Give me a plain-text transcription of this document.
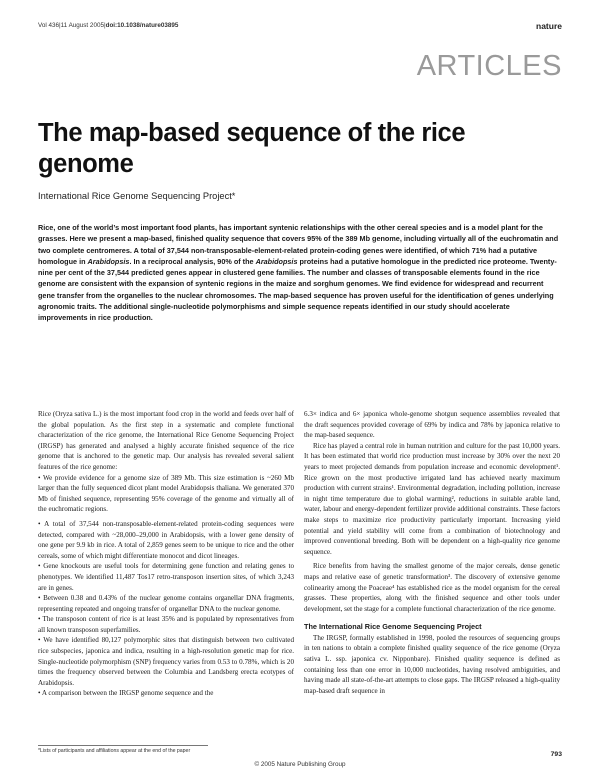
Vol 436|11 August 2005|doi:10.1038/nature03895	nature
ARTICLES
The map-based sequence of the rice genome
International Rice Genome Sequencing Project*

Rice, one of the world’s most important food plants, has important syntenic relationships with the other cereal species and is a model plant for the grasses. Here we present a map-based, finished quality sequence that covers 95% of the 389 Mb genome, including virtually all of the euchromatin and two complete centromeres. A total of 37,544 non-transposable-element-related protein-coding genes were identified, of which 71% had a putative homologue in Arabidopsis. In a reciprocal analysis, 90% of the Arabidopsis proteins had a putative homologue in the predicted rice proteome. Twenty-nine per cent of the 37,544 predicted genes appear in clustered gene families. The number and classes of transposable elements found in the rice genome are consistent with the expansion of syntenic regions in the maize and sorghum genomes. We find evidence for widespread and recurrent gene transfer from the organelles to the nuclear chromosomes. The map-based sequence has proven useful for the identification of genes underlying agronomic traits. The additional single-nucleotide polymorphisms and simple sequence repeats identified in our study should accelerate improvements in rice production.

Rice (Oryza sativa L.) is the most important food crop in the world and feeds over half of the global population. As the first step in a systematic and complete functional characterization of the rice genome, the International Rice Genome Sequencing Project (IRGSP) has generated and analysed a highly accurate finished sequence of the rice genome that is anchored to the genetic map. Our analysis has revealed several salient features of the rice genome:

• We provide evidence for a genome size of 389 Mb. This size estimation is ~260 Mb larger than the fully sequenced dicot plant model Arabidopsis thaliana. We generated 370 Mb of finished sequence, representing 95% coverage of the genome and virtually all of the euchromatic regions.

• A total of 37,544 non-transposable-element-related protein-coding sequences were detected, compared with ~28,000–29,000 in Arabidopsis, with a lower gene density of one gene per 9.9 kb in rice. A total of 2,859 genes seem to be unique to rice and the other cereals, some of which might differentiate monocot and dicot lineages.

• Gene knockouts are useful tools for determining gene function and relating genes to phenotypes. We identified 11,487 Tos17 retro-transposon insertion sites, of which 3,243 are in genes.

• Between 0.38 and 0.43% of the nuclear genome contains organellar DNA fragments, representing repeated and ongoing transfer of organellar DNA to the nuclear genome.

• The transposon content of rice is at least 35% and is populated by representatives from all known transposon superfamilies.

• We have identified 80,127 polymorphic sites that distinguish between two cultivated rice subspecies, japonica and indica, resulting in a high-resolution genetic map for rice. Single-nucleotide polymorphism (SNP) frequency varies from 0.53 to 0.78%, which is 20 times the frequency observed between the Columbia and Landsberg erecta ecotypes of Arabidopsis.

• A comparison between the IRGSP genome sequence and the

6.3× indica and 6× japonica whole-genome shotgun sequence assemblies revealed that the draft sequences provided coverage of 69% by indica and 78% by japonica relative to the map-based sequence.

Rice has played a central role in human nutrition and culture for the past 10,000 years. It has been estimated that world rice production must increase by 30% over the next 20 years to meet projected demands from population increase and economic development¹. Rice grown on the most productive irrigated land has achieved nearly maximum production with current strains¹. Environmental degradation, including pollution, increase in night time temperature due to global warming², reductions in suitable arable land, water, labour and energy-dependent fertilizer provide additional constraints. These factors make steps to maximize rice productivity particularly important. Increasing yield potential and yield stability will come from a combination of biotechnology and improved conventional breeding. Both will be dependent on a high-quality rice genome sequence.

Rice benefits from having the smallest genome of the major cereals, dense genetic maps and relative ease of genetic transformation³. The discovery of extensive genome colinearity among the Poaceae⁴ has established rice as the model organism for the cereal grasses. These properties, along with the finished sequence and other tools under development, set the stage for a complete functional characterization of the rice genome.

The International Rice Genome Sequencing Project

The IRGSP, formally established in 1998, pooled the resources of sequencing groups in ten nations to obtain a complete finished quality sequence of the rice genome (Oryza sativa L. ssp. japonica cv. Nipponbare). Finished quality sequence is defined as containing less than one error in 10,000 nucleotides, having resolved ambiguities, and having made all state-of-the-art attempts to close gaps. The IRGSP released a high-quality map-based draft sequence in

*Lists of participants and affiliations appear at the end of the paper	793
© 2005 Nature Publishing Group
